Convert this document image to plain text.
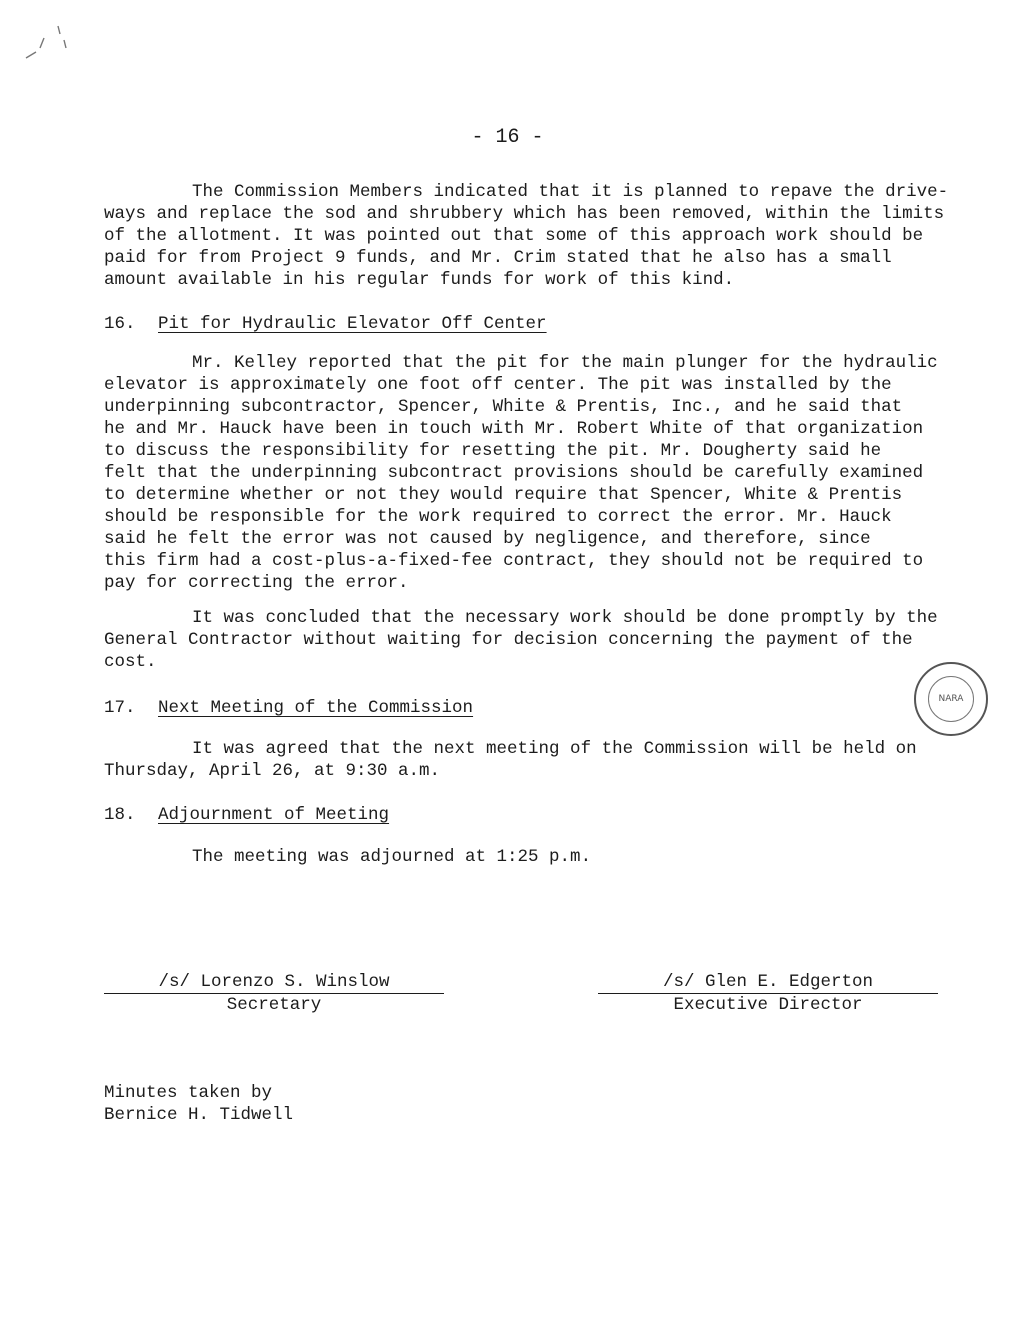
- 16 -
The Commission Members indicated that it is planned to repave the drive-
ways and replace the sod and shrubbery which has been removed, within the limits
of the allotment. It was pointed out that some of this approach work should be
paid for from Project 9 funds, and Mr. Crim stated that he also has a small
amount available in his regular funds for work of this kind.
16. Pit for Hydraulic Elevator Off Center
Mr. Kelley reported that the pit for the main plunger for the hydraulic
elevator is approximately one foot off center. The pit was installed by the
underpinning subcontractor, Spencer, White & Prentis, Inc., and he said that
he and Mr. Hauck have been in touch with Mr. Robert White of that organization
to discuss the responsibility for resetting the pit. Mr. Dougherty said he
felt that the underpinning subcontract provisions should be carefully examined
to determine whether or not they would require that Spencer, White & Prentis
should be responsible for the work required to correct the error. Mr. Hauck
said he felt the error was not caused by negligence, and therefore, since
this firm had a cost-plus-a-fixed-fee contract, they should not be required to
pay for correcting the error.
It was concluded that the necessary work should be done promptly by the
General Contractor without waiting for decision concerning the payment of the
cost.
17. Next Meeting of the Commission
It was agreed that the next meeting of the Commission will be held on
Thursday, April 26, at 9:30 a.m.
18. Adjournment of Meeting
The meeting was adjourned at 1:25 p.m.
/s/ Lorenzo S. Winslow
Secretary
/s/ Glen E. Edgerton
Executive Director
Minutes taken by
Bernice H. Tidwell
NARA
